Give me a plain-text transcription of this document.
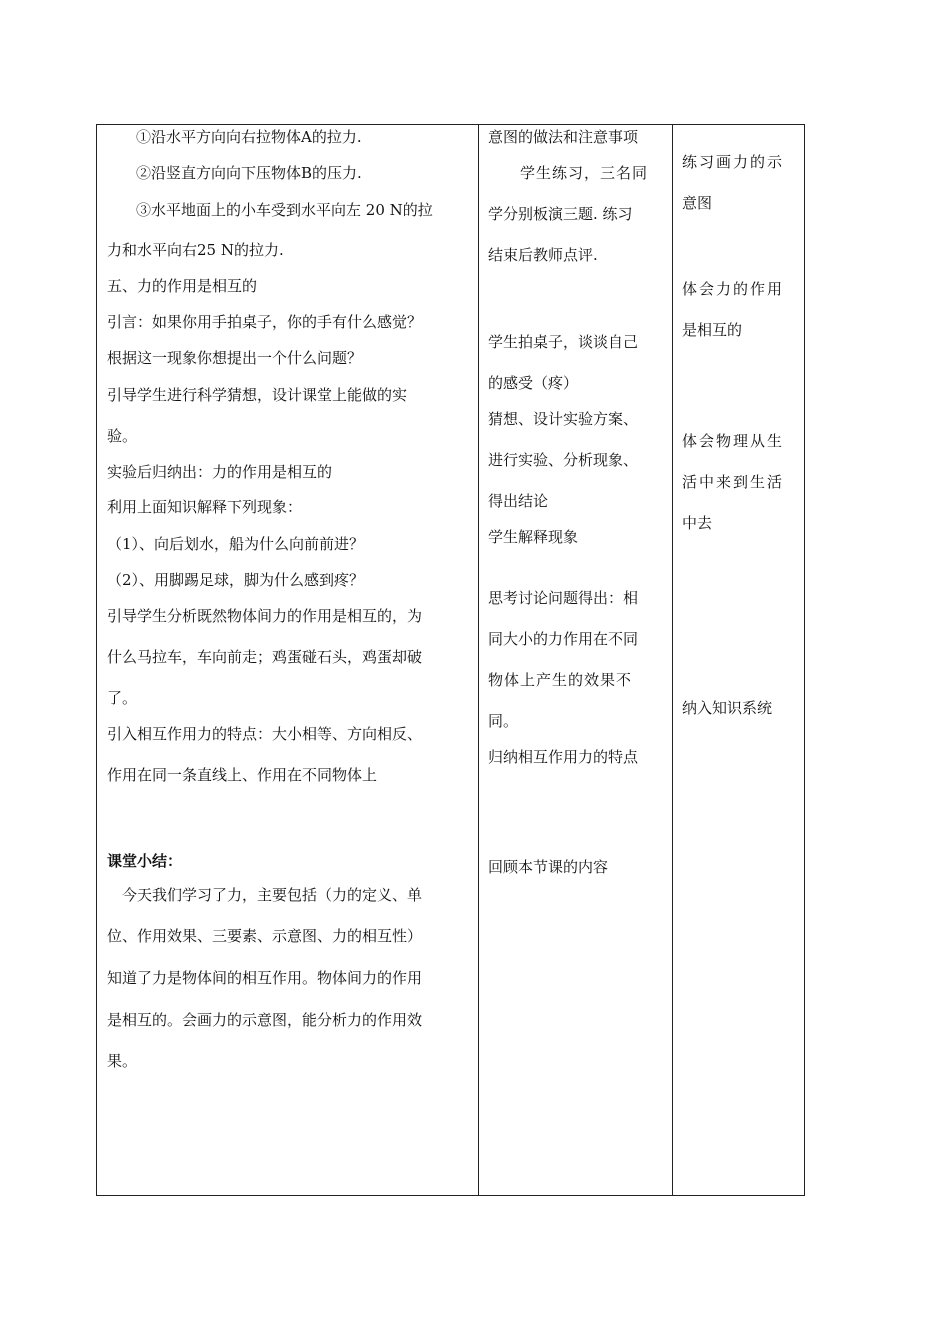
①沿水平方向向右拉物体A的拉力.
②沿竖直方向向下压物体B的压力.
③水平地面上的小车受到水平向左 20 N的拉
力和水平向右25 N的拉力.
五、力的作用是相互的
引言：如果你用手拍桌子，你的手有什么感觉？
根据这一现象你想提出一个什么问题？
引导学生进行科学猜想，设计课堂上能做的实
验。
实验后归纳出：力的作用是相互的
利用上面知识解释下列现象：
（1）、向后划水，船为什么向前前进？
（2）、用脚踢足球，脚为什么感到疼？
引导学生分析既然物体间力的作用是相互的，为
什么马拉车，车向前走；鸡蛋碰石头，鸡蛋却破
了。
引入相互作用力的特点：大小相等、方向相反、
作用在同一条直线上、作用在不同物体上
课堂小结：
今天我们学习了力，主要包括（力的定义、单
位、作用效果、三要素、示意图、力的相互性）
知道了力是物体间的相互作用。物体间力的作用
是相互的。会画力的示意图，能分析力的作用效
果。
意图的做法和注意事项
学生练习，三名同
学分别板演三题. 练习
结束后教师点评.
学生拍桌子，谈谈自己
的感受（疼）
猜想、设计实验方案、
进行实验、分析现象、
得出结论
学生解释现象
思考讨论问题得出：相
同大小的力作用在不同
物体上产生的效果不
同。
归纳相互作用力的特点
回顾本节课的内容
练习画力的示
意图
体会力的作用
是相互的
体会物理从生
活中来到生活
中去
纳入知识系统
